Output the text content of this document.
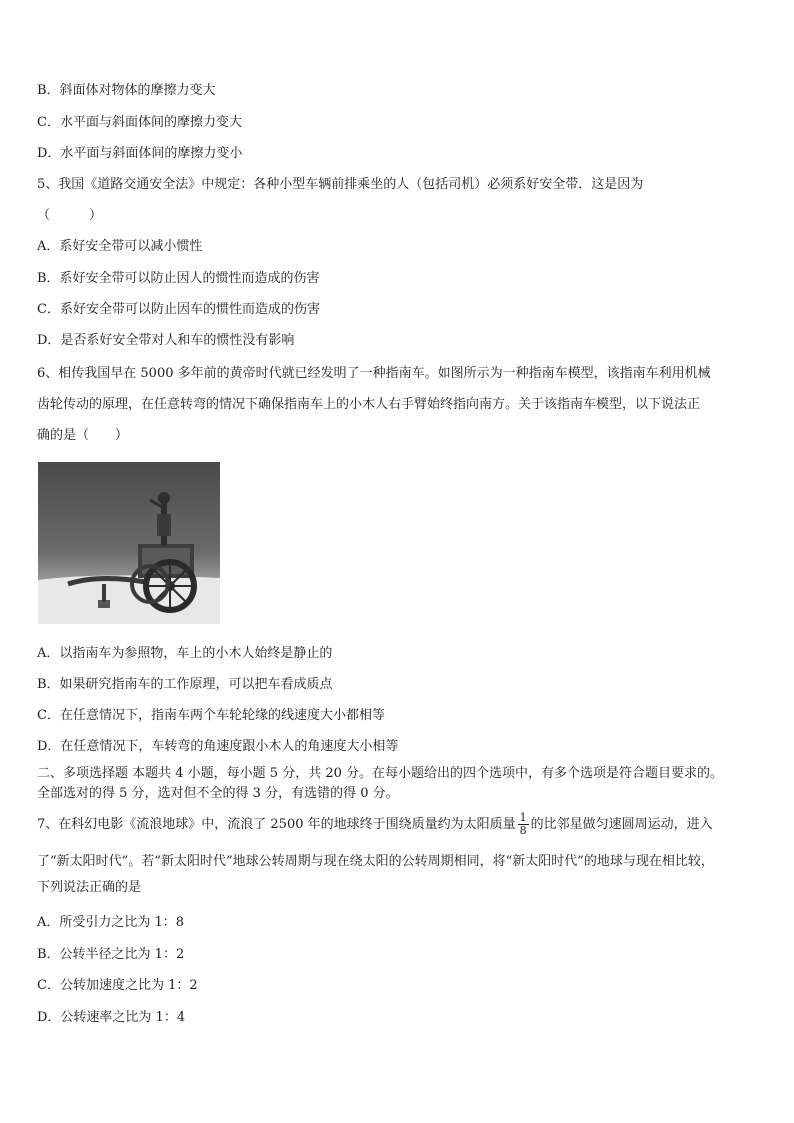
B．斜面体对物体的摩擦力变大
C．水平面与斜面体间的摩擦力变大
D．水平面与斜面体间的摩擦力变小
5、我国《道路交通安全法》中规定：各种小型车辆前排乘坐的人（包括司机）必须系好安全带．这是因为
（　　　）
A．系好安全带可以减小惯性
B．系好安全带可以防止因人的惯性而造成的伤害
C．系好安全带可以防止因车的惯性而造成的伤害
D．是否系好安全带对人和车的惯性没有影响
6、相传我国早在 5000 多年前的黄帝时代就已经发明了一种指南车。如图所示为一种指南车模型，该指南车利用机械
齿轮传动的原理，在任意转弯的情况下确保指南车上的小木人右手臂始终指向南方。关于该指南车模型，以下说法正
确的是（　　）
A．以指南车为参照物，车上的小木人始终是静止的
B．如果研究指南车的工作原理，可以把车看成质点
C．在任意情况下，指南车两个车轮轮缘的线速度大小都相等
D．在任意情况下，车转弯的角速度跟小木人的角速度大小相等
二、多项选择题 本题共 4 小题，每小题 5 分，共 20 分。在每小题给出的四个选项中，有多个选项是符合题目要求的。
全部选对的得 5 分，选对但不全的得 3 分，有选错的得 0 分。
7、在科幻电影《流浪地球》中，流浪了 2500 年的地球终于围绕质量约为太阳质量 $\frac{1}{8}$ 的比邻星做匀速圆周运动，进入
了“新太阳时代”。若“新太阳时代”地球公转周期与现在绕太阳的公转周期相同，将“新太阳时代”的地球与现在相比较，
下列说法正确的是
A．所受引力之比为 1：8
B．公转半径之比为 1：2
C．公转加速度之比为 1：2
D．公转速率之比为 1：4
